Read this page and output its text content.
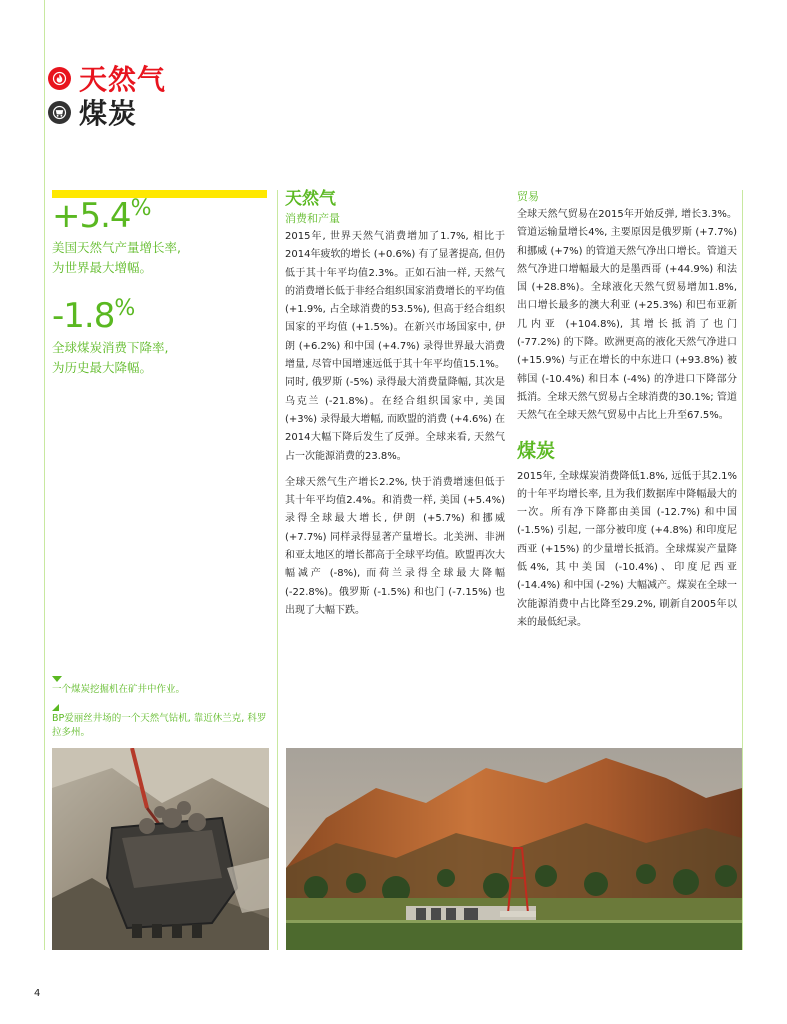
天然气
煤炭
+5.4%
美国天然气产量增长率,
为世界最大增幅。
-1.8%
全球煤炭消费下降率,
为历史最大降幅。
天然气
消费和产量

2015年, 世界天然气消费增加了1.7%, 相比于2014年疲软的增长 (+0.6%) 有了显著提高, 但仍低于其十年平均值2.3%。正如石油一样, 天然气的消费增长低于非经合组织国家消费增长的平均值 (+1.9%, 占全球消费的53.5%), 但高于经合组织国家的平均值 (+1.5%)。在新兴市场国家中, 伊朗 (+6.2%) 和中国 (+4.7%) 录得世界最大消费增量, 尽管中国增速远低于其十年平均值15.1%。同时, 俄罗斯 (-5%) 录得最大消费量降幅, 其次是乌克兰 (-21.8%)。在经合组织国家中, 美国 (+3%) 录得最大增幅, 而欧盟的消费 (+4.6%) 在2014大幅下降后发生了反弹。全球来看, 天然气占一次能源消费的23.8%。

全球天然气生产增长2.2%, 快于消费增速但低于其十年平均值2.4%。和消费一样, 美国 (+5.4%) 录得全球最大增长, 伊朗 (+5.7%) 和挪威 (+7.7%) 同样录得显著产量增长。北美洲、非洲和亚太地区的增长都高于全球平均值。欧盟再次大幅减产 (-8%), 而荷兰录得全球最大降幅 (-22.8%)。俄罗斯 (-1.5%) 和也门 (-7.15%) 也出现了大幅下跌。

贸易

全球天然气贸易在2015年开始反弹, 增长3.3%。管道运输量增长4%, 主要原因是俄罗斯 (+7.7%) 和挪威 (+7%) 的管道天然气净出口增长。管道天然气净进口增幅最大的是墨西哥 (+44.9%) 和法国 (+28.8%)。全球液化天然气贸易增加1.8%, 出口增长最多的澳大利亚 (+25.3%) 和巴布亚新几内亚 (+104.8%), 其增长抵消了也门 (-77.2%) 的下降。欧洲更高的液化天然气净进口 (+15.9%) 与正在增长的中东进口 (+93.8%) 被韩国 (-10.4%) 和日本 (-4%) 的净进口下降部分抵消。全球天然气贸易占全球消费的30.1%; 管道天然气在全球天然气贸易中占比上升至67.5%。

煤炭

2015年, 全球煤炭消费降低1.8%, 远低于其2.1%的十年平均增长率, 且为我们数据库中降幅最大的一次。所有净下降都由美国 (-12.7%) 和中国 (-1.5%) 引起, 一部分被印度 (+4.8%) 和印度尼西亚 (+15%) 的少量增长抵消。全球煤炭产量降低4%, 其中美国 (-10.4%)、印度尼西亚 (-14.4%) 和中国 (-2%) 大幅减产。煤炭在全球一次能源消费中占比降至29.2%, 刷新自2005年以来的最低纪录。

一个煤炭挖掘机在矿井中作业。
BP爱丽丝井场的一个天然气钻机, 靠近休兰克, 科罗拉多州。
4
